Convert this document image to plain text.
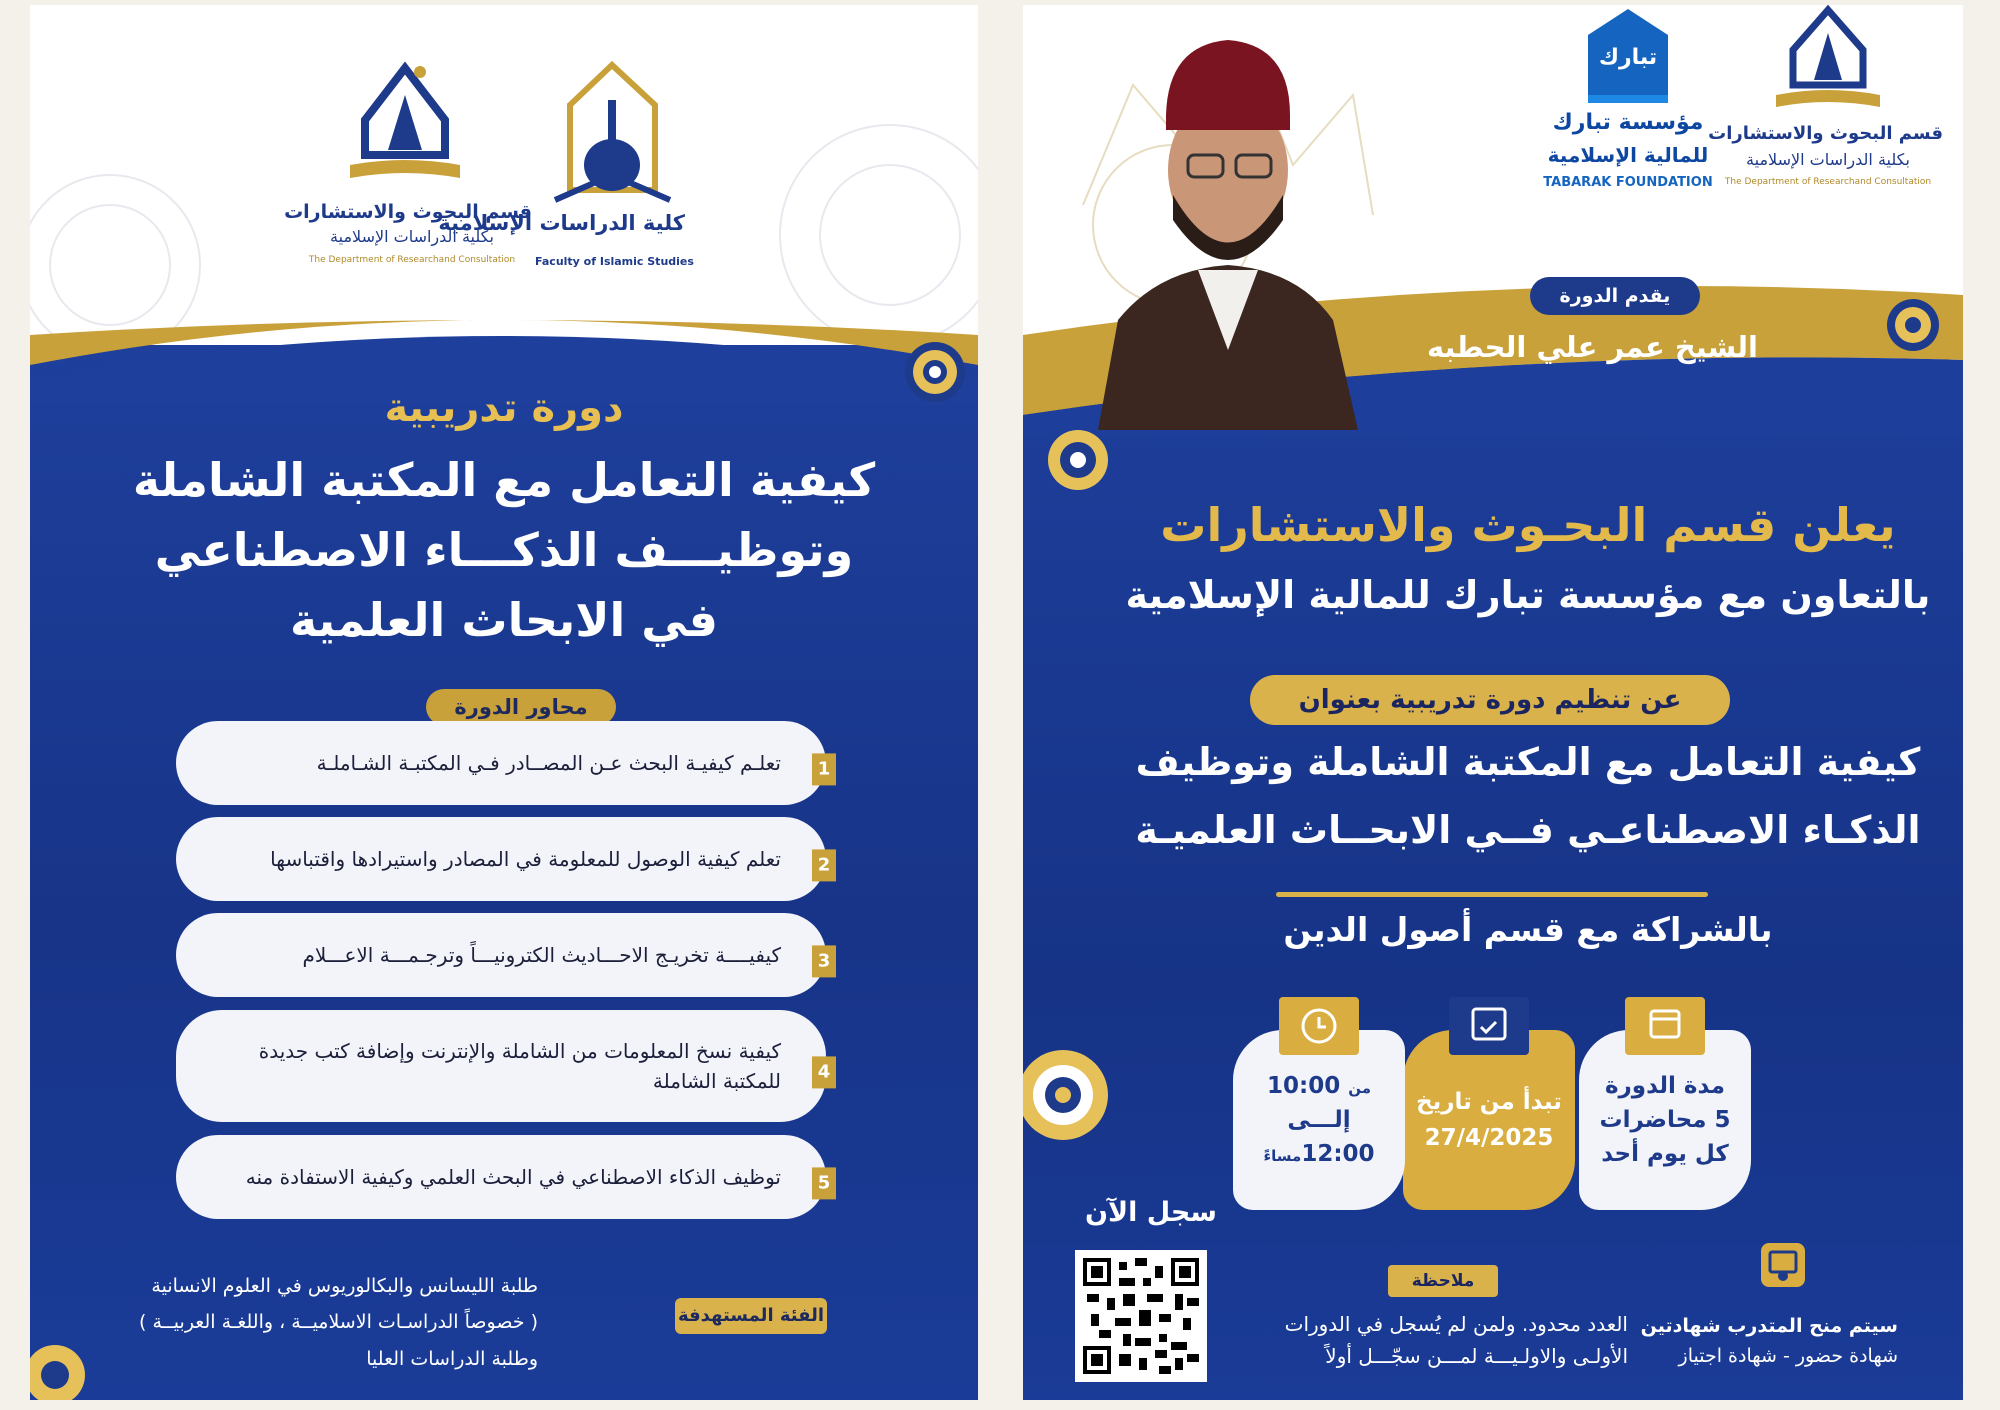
قسم البحوث والاستشارات
بكلية الدراسات الإسلامية
The Department of Researchand Consultation
كلية الدراسات الإسلامية
Faculty of Islamic Studies
دورة تدريبية
كيفية التعامل مع المكتبة الشاملة
وتوظيـــف الذكـــاء الاصطناعي
في الابحاث العلمية
محاور الدورة
تعلـم كيفيـة البحث عـن المصــادر فـي المكتبـة الشـاملـة	1
تعلم كيفية الوصول للمعلومة في المصادر واستيرادها واقتباسها	2
كيفيــــة تخريـج الاحـــاديث الكترونيـــاً وترجـمـــة الاعـــلام	3
كيفية نسخ المعلومات من الشاملة والإنترنت وإضافة كتب جديدة للمكتبة الشاملة	4
توظيف الذكاء الاصطناعي في البحث العلمي وكيفية الاستفادة منه	5
الفئة المستهدفة
طلبة الليسانس والبكالوريوس في العلوم الانسانية
( خصوصاً الدراسـات الاسلاميــة ، واللغـة العربيــة )
وطلبة الدراسات العليا
قسم البحوث والاستشارات
بكلية الدراسات الإسلامية
The Department of Researchand Consultation
تبارك
مؤسسة تبارك
للمالية الإسلامية
TABARAK FOUNDATION
يقدم الدورة
الشيخ عمر علي الحطبه
يعلن قسم البحـوث والاستشارات
بالتعاون مع مؤسسة تبارك للمالية الإسلامية
عن تنظيم دورة تدريبية بعنوان
كيفية التعامل مع المكتبة الشاملة وتوظيف
الذكـاء الاصطناعـي فــي الابحــاث العلميـة
بالشراكة مع قسم أصول الدين
مدة الدورة
5 محاضرات
كل يوم أحد
تبدأ من تاريخ
27/4/2025
من 10:00
إلـــى
12:00مساءً
سجل الآن
ملاحظة
العدد محدود. ولمن لم يُسجل في الدورات
الأولـى والاولـيـــة لمـــن سجّـــل أولاً
سيتم منح المتدرب شهادتين
شهادة حضور - شهادة اجتياز
